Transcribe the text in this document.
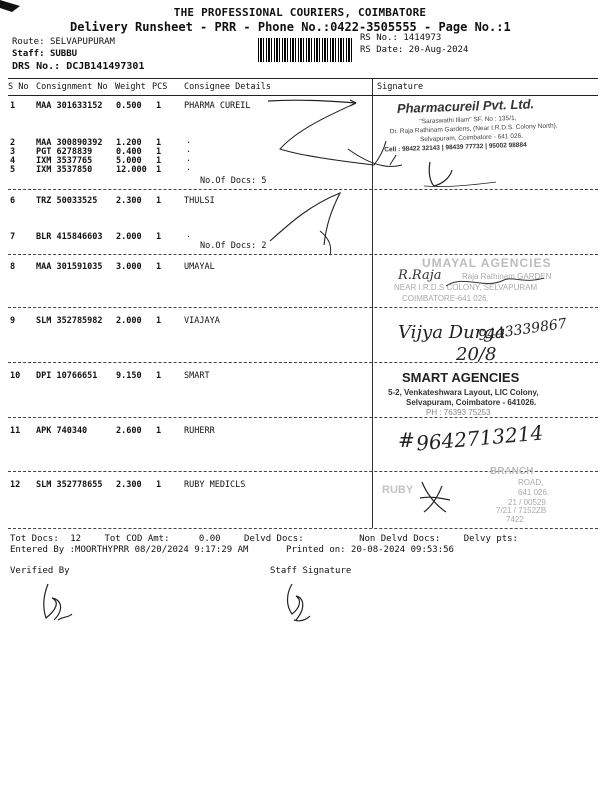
THE PROFESSIONAL COURIERS, COIMBATORE
Delivery Runsheet - PRR - Phone No.:0422-3505555 - Page No.:1
Route: SELVAPUPURAM
Staff: SUBBU
DRS No.: DCJB141497301
RS No.: 1414973
RS Date: 20-Aug-2024
S No Consignment No Weight PCS Consignee Details	Signature
1 MAA 301633152 0.500 1	PHARMA CUREIL
2 MAA 300890392 1.200 1	.
3 PGT 6278839	0.400 1	.
4 IXM 3537765	5.000 1	.
5 IXM 3537850	12.000 1	.
No.Of Docs: 5
6 TRZ 50033525 2.300 1	THULSI
7 BLR 415846603 2.000 1	.
No.Of Docs: 2
8 MAA 301591035 3.000 1	UMAYAL
9 SLM 352785982 2.000 1	VIAJAYA
10 DPI 10766651 9.150 1	SMART
11 APK 740340	2.600 1	RUHERR
12 SLM 352778655 2.300 1	RUBY MEDICLS
Pharmacureil Pvt. Ltd.
"Saraswathi Illam" SF. No : 135/1,
Dr. Raja Rathinam Gardens, (Near I.R.D.S. Colony North),
Selvapuram, Coimbatore - 641 026.
Cell : 98422 32143 | 98439 77732 | 95002 98884
UMAYAL AGENCIES
Raja Rathinam GARDEN
NEAR I.R.D.S COLONY, SELVAPURAM
COIMBATORE-641 026.
R.Raja
Vijya Durga
9443339867
20/8
SMART AGENCIES
5-2, Venkateshwara Layout, LIC Colony,
Selvapuram, Coimbatore - 641026.
PH : 76393 75253
# 9642713214
RUBY
BRANCH
ROAD,
641 026.
21 / 00529
7/21 / 7152ZB
7422
Tot Docs: 12	Tot COD Amt:	0.00	Delvd Docs:	Non Delvd Docs:	Delvy pts:
Entered By :MOORTHYPRR 08/20/2024 9:17:29 AM	Printed on: 20-08-2024 09:53:56
Verified By	Staff Signature
